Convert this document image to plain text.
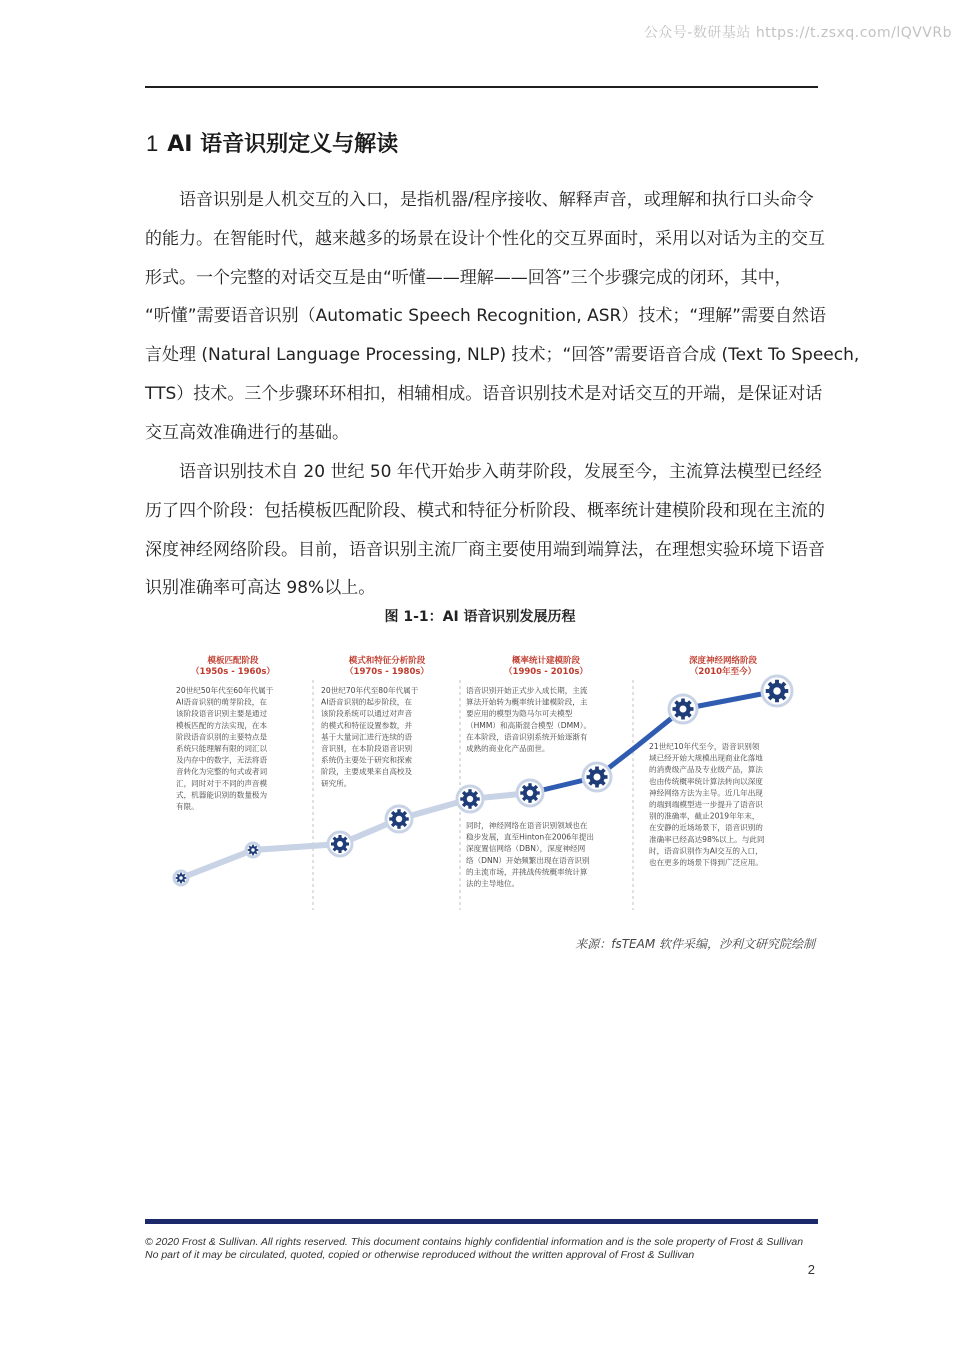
公众号-数研基站 https://t.zsxq.com/lQVVRb
1 AI 语音识别定义与解读
　　语音识别是人机交互的入口，是指机器/程序接收、解释声音，或理解和执行口头命令
的能力。在智能时代，越来越多的场景在设计个性化的交互界面时，采用以对话为主的交互
形式。一个完整的对话交互是由“听懂——理解——回答”三个步骤完成的闭环，其中，
“听懂”需要语音识别（Automatic Speech Recognition, ASR）技术；“理解”需要自然语
言处理 (Natural Language Processing, NLP) 技术；“回答”需要语音合成 (Text To Speech,
TTS）技术。三个步骤环环相扣，相辅相成。语音识别技术是对话交互的开端，是保证对话
交互高效准确进行的基础。
　　语音识别技术自 20 世纪 50 年代开始步入萌芽阶段，发展至今，主流算法模型已经经
历了四个阶段：包括模板匹配阶段、模式和特征分析阶段、概率统计建模阶段和现在主流的
深度神经网络阶段。目前，语音识别主流厂商主要使用端到端算法，在理想实验环境下语音
识别准确率可高达 98%以上。
图 1-1：AI 语音识别发展历程
模板匹配阶段
（1950s - 1960s）
模式和特征分析阶段
（1970s - 1980s）
概率统计建模阶段
（1990s - 2010s）
深度神经网络阶段
（2010年至今）
20世纪50年代至60年代属于
AI语音识别的萌芽阶段，在
该阶段语音识别主要是通过
模板匹配的方法实现，在本
阶段语音识别的主要特点是
系统只能理解有限的词汇以
及内存中的数字，无法将语
音转化为完整的句式或者词
汇，同时对于不同的声音模
式，机器能识别的数量极为
有限。
20世纪70年代至80年代属于
AI语音识别的起步阶段，在
该阶段系统可以通过对声音
的模式和特征设置参数，并
基于大量词汇进行连续的语
音识别，在本阶段语音识别
系统仍主要处于研究和探索
阶段，主要成果来自高校及
研究所。
语音识别开始正式步入成长期，主流
算法开始转为概率统计建模阶段，主
要应用的模型为隐马尔可夫模型
（HMM）和高斯混合模型（DMM）。
在本阶段，语音识别系统开始逐渐有
成熟的商业化产品面世。
同时，神经网络在语音识别领域也在
稳步发展，直至Hinton在2006年提出
深度置信网络（DBN），深度神经网
络（DNN）开始频繁出现在语音识别
的主流市场，并挑战传统概率统计算
法的主导地位。
21世纪10年代至今，语音识别领
域已经开始大规模出现商业化落地
的消费级产品及专业级产品，算法
也由传统概率统计算法转向以深度
神经网络方法为主导。近几年出现
的端到端模型进一步提升了语音识
别的准确率，截止2019年年末，
在安静的近场场景下，语音识别的
准确率已经高达98%以上。与此同
时，语音识别作为AI交互的入口，
也在更多的场景下得到广泛应用。
来源：fsTEAM 软件采编，沙利文研究院绘制
© 2020 Frost & Sullivan. All rights reserved. This document contains highly confidential information and is the sole property of Frost & Sullivan
No part of it may be circulated, quoted, copied or otherwise reproduced without the written approval of Frost & Sullivan
2
